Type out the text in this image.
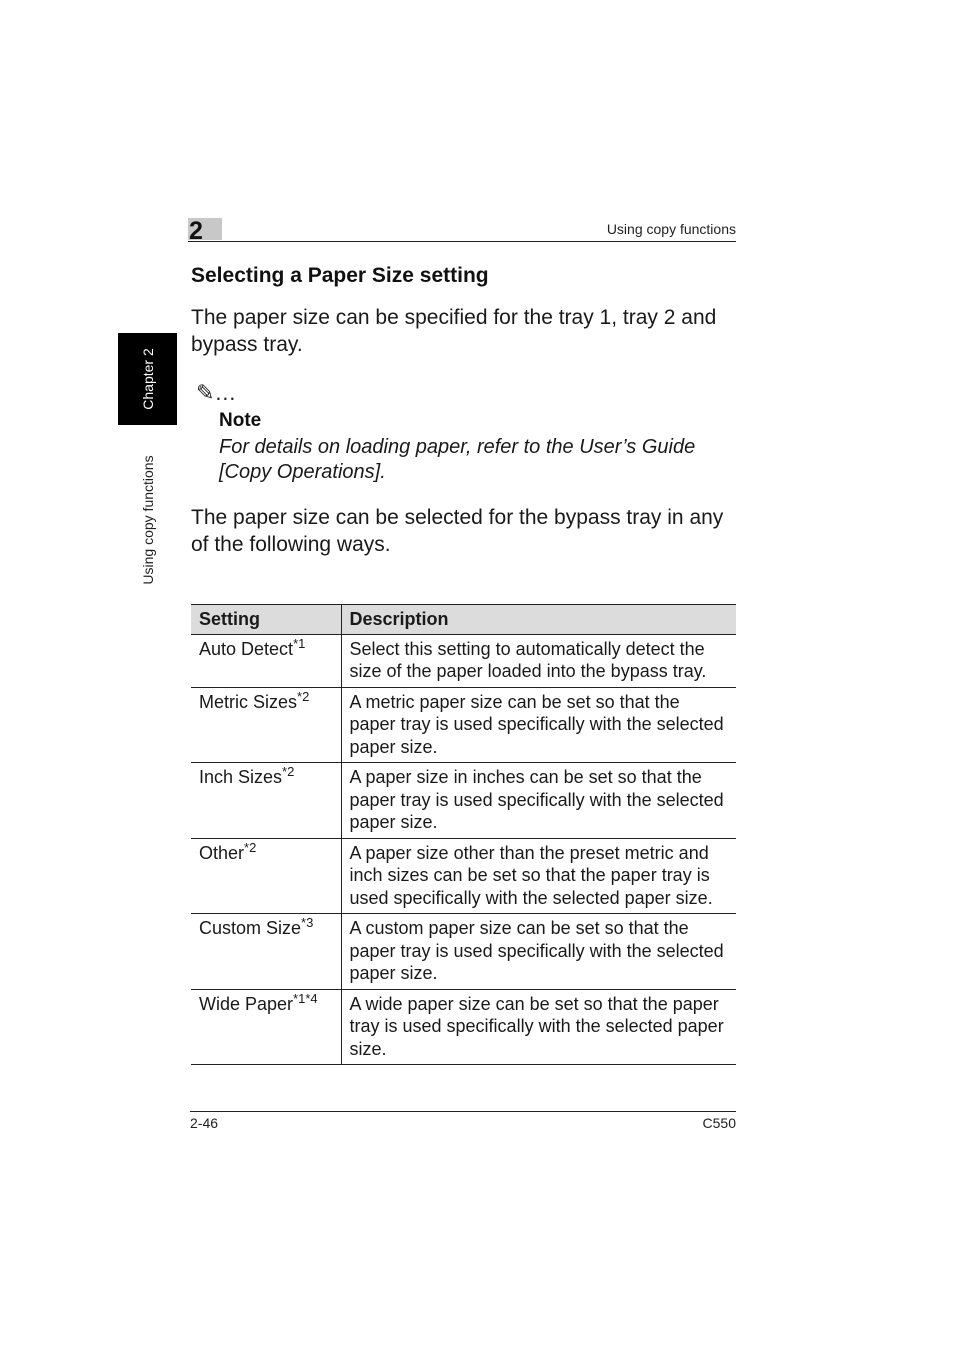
2	Using copy functions
Chapter 2
Using copy functions
Selecting a Paper Size setting
The paper size can be specified for the tray 1, tray 2 and bypass tray.
✎…
Note
For details on loading paper, refer to the User’s Guide [Copy Operations].
The paper size can be selected for the bypass tray in any of the following ways.
Setting	Description
Auto Detect$^{*1}$	Select this setting to automatically detect the size of the paper loaded into the bypass tray.
Metric Sizes$^{*2}$	A metric paper size can be set so that the paper tray is used specifically with the selected paper size.
Inch Sizes$^{*2}$	A paper size in inches can be set so that the paper tray is used specifically with the selected paper size.
Other$^{*2}$	A paper size other than the preset metric and inch sizes can be set so that the paper tray is used specifically with the selected paper size.
Custom Size$^{*3}$	A custom paper size can be set so that the paper tray is used specifically with the selected paper size.
Wide Paper$^{*1*4}$	A wide paper size can be set so that the paper tray is used specifically with the selected paper size.
2-46	C550
